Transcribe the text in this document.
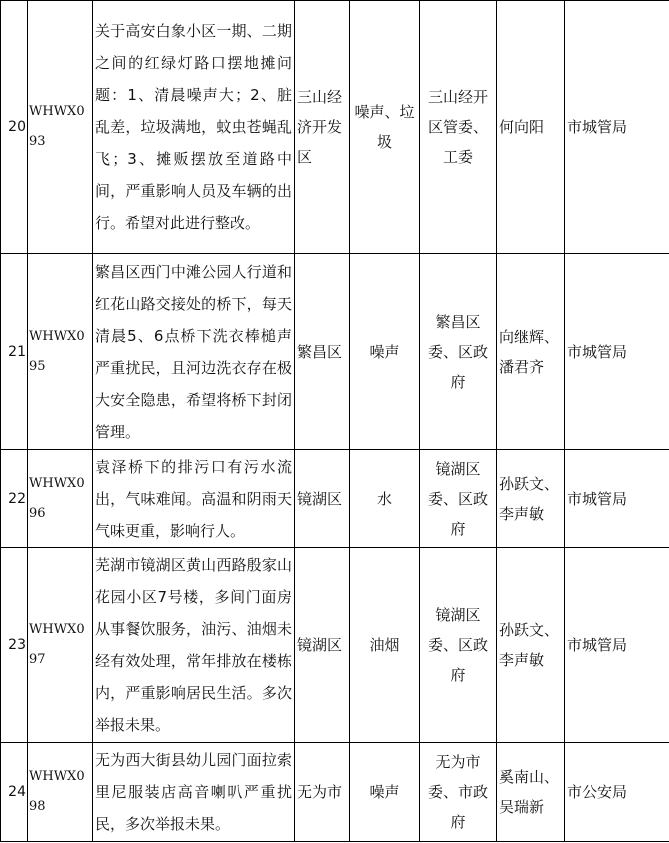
20	WHWX093	关于高安白象小区一期、二期之间的红绿灯路口摆地摊问题：1、清晨噪声大；2、脏乱差，垃圾满地，蚊虫苍蝇乱飞；3、摊贩摆放至道路中间，严重影响人员及车辆的出行。希望对此进行整改。	三山经济开发区	噪声、垃圾	三山经开区管委、工委	何向阳	市城管局
21	WHWX095	繁昌区西门中滩公园人行道和红花山路交接处的桥下，每天清晨5、6点桥下洗衣棒槌声严重扰民，且河边洗衣存在极大安全隐患，希望将桥下封闭管理。	繁昌区	噪声	繁昌区委、区政府	向继辉、潘君齐	市城管局
22	WHWX096	袁泽桥下的排污口有污水流出，气味难闻。高温和阴雨天气味更重，影响行人。	镜湖区	水	镜湖区委、区政府	孙跃文、李声敏	市城管局
23	WHWX097	芜湖市镜湖区黄山西路殷家山花园小区7号楼，多间门面房从事餐饮服务，油污、油烟未经有效处理，常年排放在楼栋内，严重影响居民生活。多次举报未果。	镜湖区	油烟	镜湖区委、区政府	孙跃文、李声敏	市城管局
24	WHWX098	无为西大街县幼儿园门面拉索里尼服装店高音喇叭严重扰民，多次举报未果。	无为市	噪声	无为市委、市政府	奚南山、吴瑞新	市公安局
